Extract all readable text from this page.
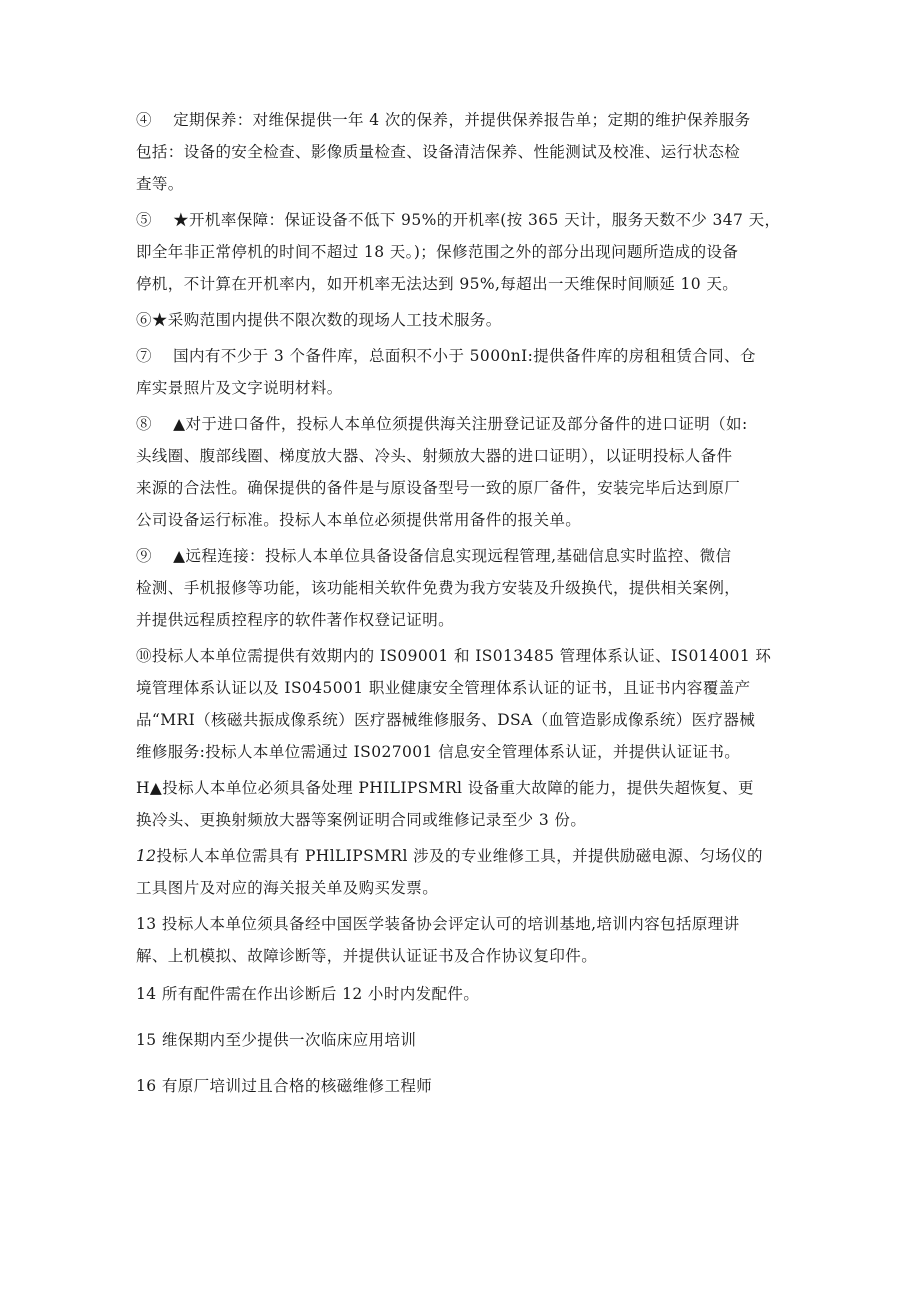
④　 定期保养：对维保提供一年 4 次的保养，并提供保养报告单；定期的维护保养服务
包括：设备的安全检查、影像质量检查、设备清洁保养、性能测试及校准、运行状态检
查等。
⑤　 ★开机率保障：保证设备不低下 95%的开机率(按 365 天计，服务天数不少 347 天，
即全年非正常停机的时间不超过 18 天。)；保修范围之外的部分出现问题所造成的设备
停机，不计算在开机率内，如开机率无法达到 95%,每超出一天维保时间顺延 10 天。
⑥★采购范围内提供不限次数的现场人工技术服务。
⑦　 国内有不少于 3 个备件库，总面积不小于 5000nI:提供备件库的房租租赁合同、仓
库实景照片及文字说明材料。
⑧　 ▲对于进口备件，投标人本单位须提供海关注册登记证及部分备件的进口证明（如:
头线圈、腹部线圈、梯度放大器、冷头、射频放大器的进口证明），以证明投标人备件
来源的合法性。确保提供的备件是与原设备型号一致的原厂备件，安装完毕后达到原厂
公司设备运行标准。投标人本单位必须提供常用备件的报关单。
⑨　 ▲远程连接：投标人本单位具备设备信息实现远程管理,基础信息实时监控、微信
检测、手机报修等功能，该功能相关软件免费为我方安装及升级换代，提供相关案例，
并提供远程质控程序的软件著作权登记证明。
⑩投标人本单位需提供有效期内的 IS09001 和 IS013485 管理体系认证、IS014001 环
境管理体系认证以及 IS045001 职业健康安全管理体系认证的证书，且证书内容覆盖产
品“MRI（核磁共振成像系统）医疗器械维修服务、DSA（血管造影成像系统）医疗器械
维修服务:投标人本单位需通过 IS027001 信息安全管理体系认证，并提供认证证书。
H▲投标人本单位必须具备处理 PHILIPSMRl 设备重大故障的能力，提供失超恢复、更
换冷头、更换射频放大器等案例证明合同或维修记录至少 3 份。
12投标人本单位需具有 PHlLIPSMRl 涉及的专业维修工具，并提供励磁电源、匀场仪的
工具图片及对应的海关报关单及购买发票。
13 投标人本单位须具备经中国医学装备协会评定认可的培训基地,培训内容包括原理讲
解、上机模拟、故障诊断等，并提供认证证书及合作协议复印件。
14 所有配件需在作出诊断后 12 小时内发配件。
15 维保期内至少提供一次临床应用培训
16 有原厂培训过且合格的核磁维修工程师
